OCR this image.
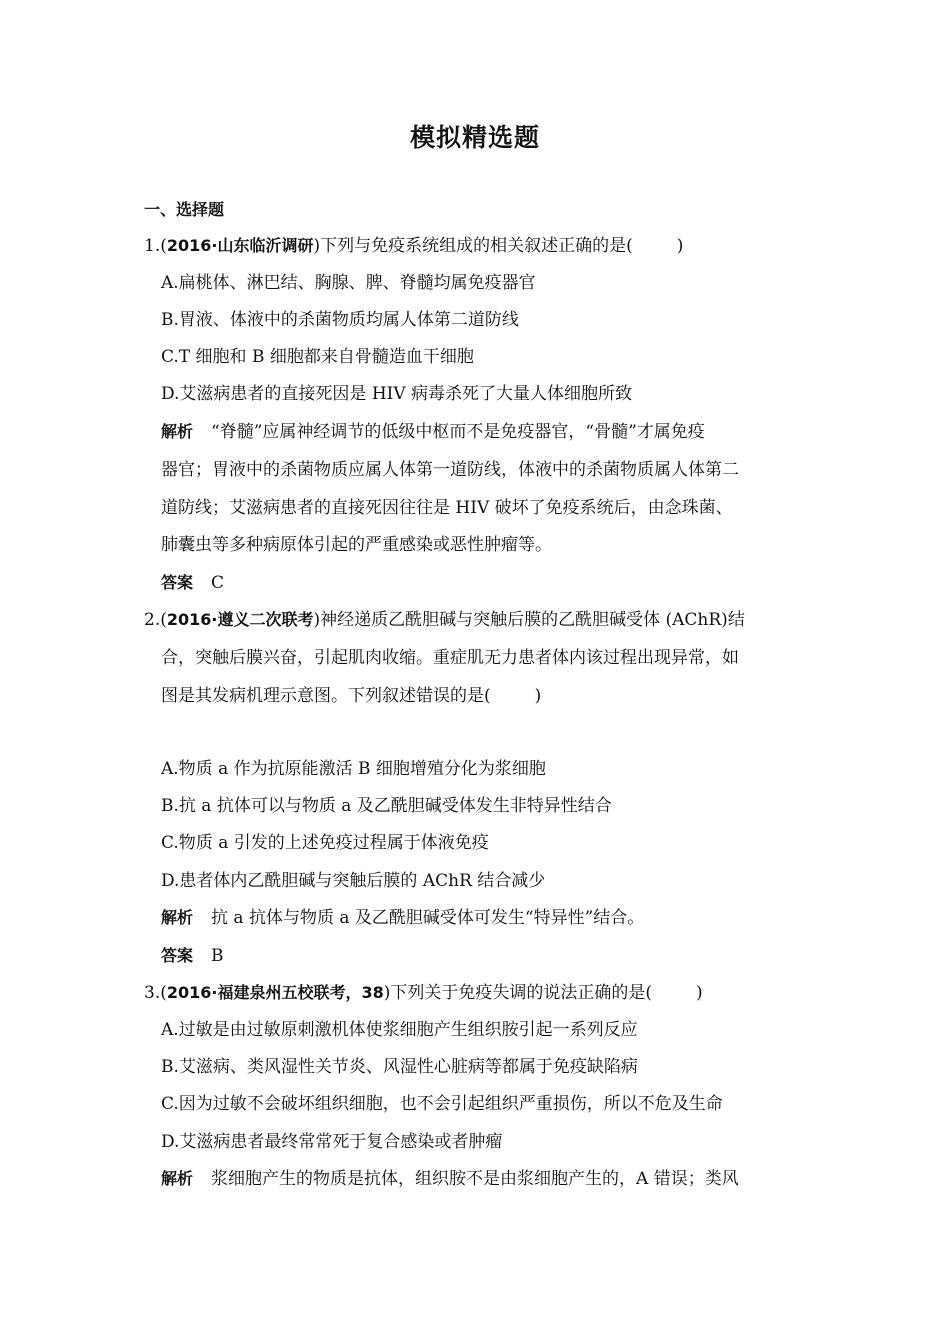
模拟精选题
一、选择题
1.(2016·山东临沂调研)下列与免疫系统组成的相关叙述正确的是(	)
A.扁桃体、淋巴结、胸腺、脾、脊髓均属免疫器官
B.胃液、体液中的杀菌物质均属人体第二道防线
C.T 细胞和 B 细胞都来自骨髓造血干细胞
D.艾滋病患者的直接死因是 HIV 病毒杀死了大量人体细胞所致
解析 “脊髓”应属神经调节的低级中枢而不是免疫器官，“骨髓”才属免疫
器官；胃液中的杀菌物质应属人体第一道防线，体液中的杀菌物质属人体第二
道防线；艾滋病患者的直接死因往往是 HIV 破坏了免疫系统后，由念珠菌、
肺囊虫等多种病原体引起的严重感染或恶性肿瘤等。
答案 C
2.(2016·遵义二次联考)神经递质乙酰胆碱与突触后膜的乙酰胆碱受体 (AChR)结
合，突触后膜兴奋，引起肌肉收缩。重症肌无力患者体内该过程出现异常，如
图是其发病机理示意图。下列叙述错误的是(	)
A.物质 a 作为抗原能激活 B 细胞增殖分化为浆细胞
B.抗 a 抗体可以与物质 a 及乙酰胆碱受体发生非特异性结合
C.物质 a 引发的上述免疫过程属于体液免疫
D.患者体内乙酰胆碱与突触后膜的 AChR 结合减少
解析 抗 a 抗体与物质 a 及乙酰胆碱受体可发生“特异性”结合。
答案 B
3.(2016·福建泉州五校联考，38)下列关于免疫失调的说法正确的是(	)
A.过敏是由过敏原刺激机体使浆细胞产生组织胺引起一系列反应
B.艾滋病、类风湿性关节炎、风湿性心脏病等都属于免疫缺陷病
C.因为过敏不会破坏组织细胞，也不会引起组织严重损伤，所以不危及生命
D.艾滋病患者最终常常死于复合感染或者肿瘤
解析 浆细胞产生的物质是抗体，组织胺不是由浆细胞产生的，A 错误；类风
